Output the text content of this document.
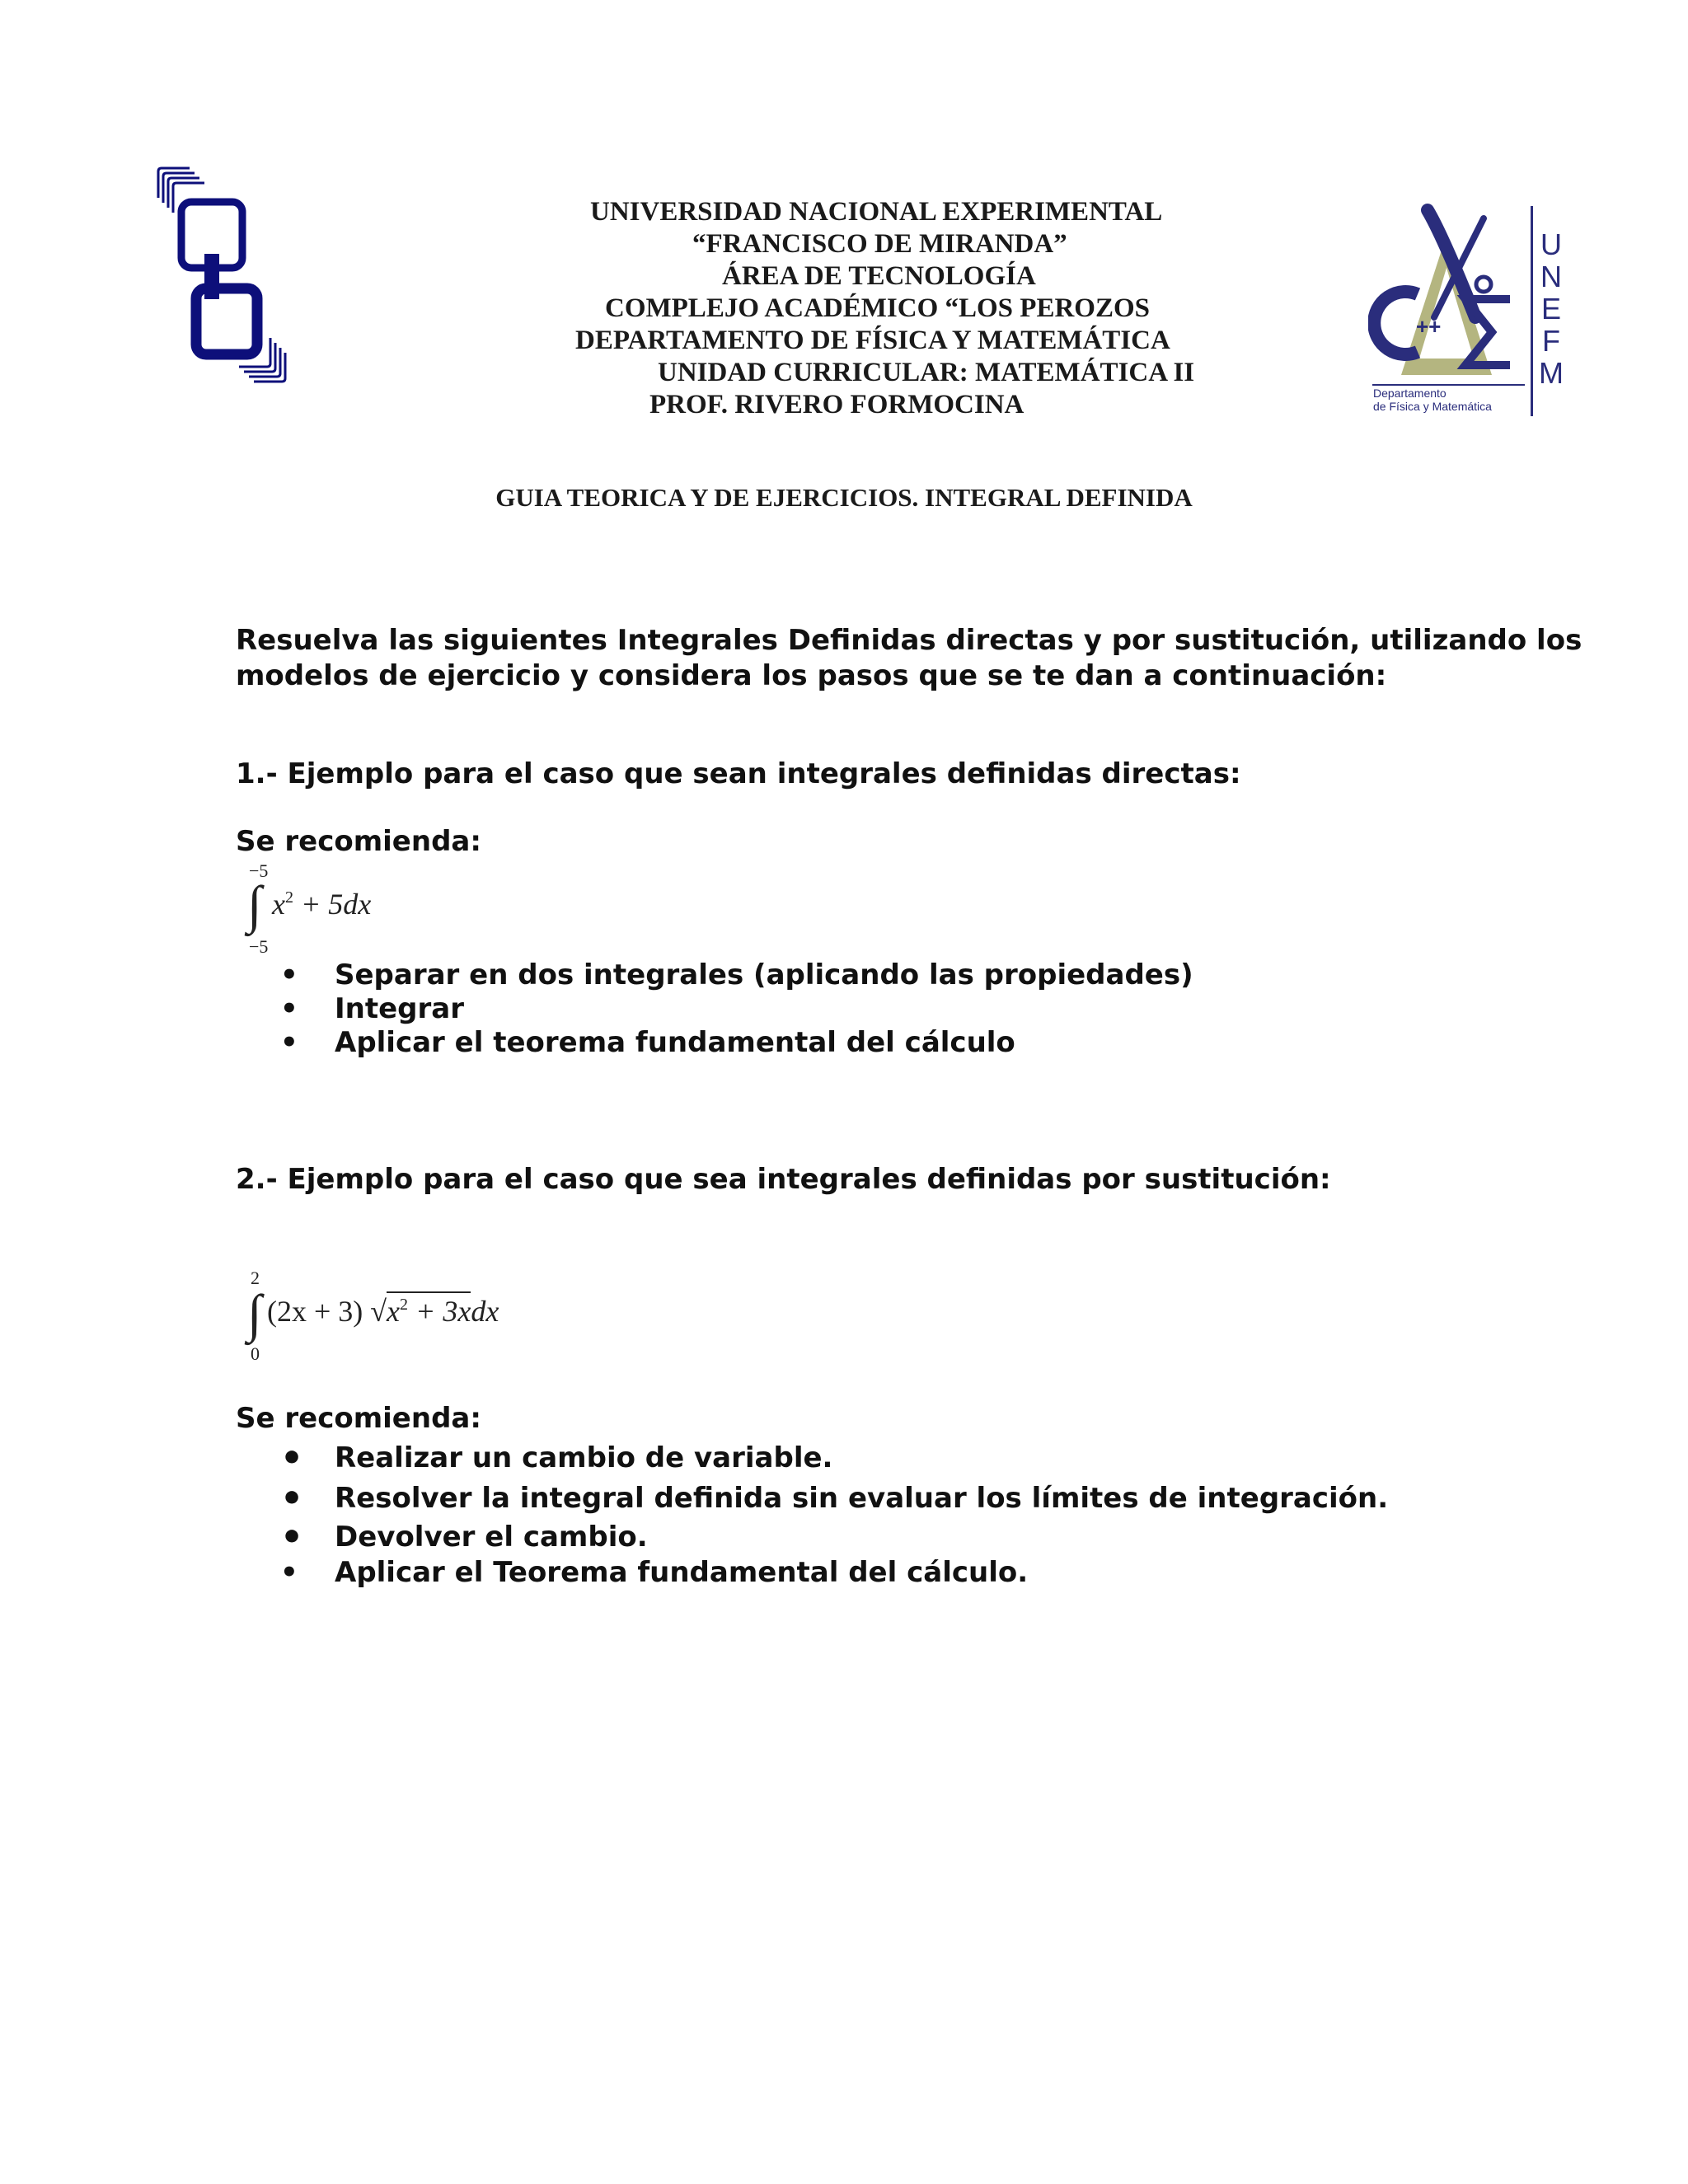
UNIVERSIDAD NACIONAL EXPERIMENTAL
“FRANCISCO DE MIRANDA”
ÁREA DE TECNOLOGÍA
COMPLEJO ACADÉMICO “LOS PEROZOS
DEPARTAMENTO DE FÍSICA Y MATEMÁTICA
UNIDAD CURRICULAR: MATEMÁTICA II
PROF. RIVERO FORMOCINA
++
U
N
E
F
M
Departamento
de Física y Matemática
GUIA TEORICA Y DE EJERCICIOS. INTEGRAL DEFINIDA
Resuelva las siguientes Integrales Definidas directas y por sustitución, utilizando los
modelos de ejercicio y considera los pasos que se te dan a continuación:
1.- Ejemplo para el caso que sean integrales definidas directas:
Se recomienda:
−5
∫
−5
$x^2 + 5dx$
• Separar en dos integrales (aplicando las propiedades)
• Integrar
• Aplicar el teorema fundamental del cálculo
2.- Ejemplo para el caso que sea integrales definidas por sustitución:
2
∫
0
(2x + 3) $√x^2 + 3xdx$
Se recomienda:
• Realizar un cambio de variable.
• Resolver la integral definida sin evaluar los límites de integración.
• Devolver el cambio.
• Aplicar el Teorema fundamental del cálculo.
